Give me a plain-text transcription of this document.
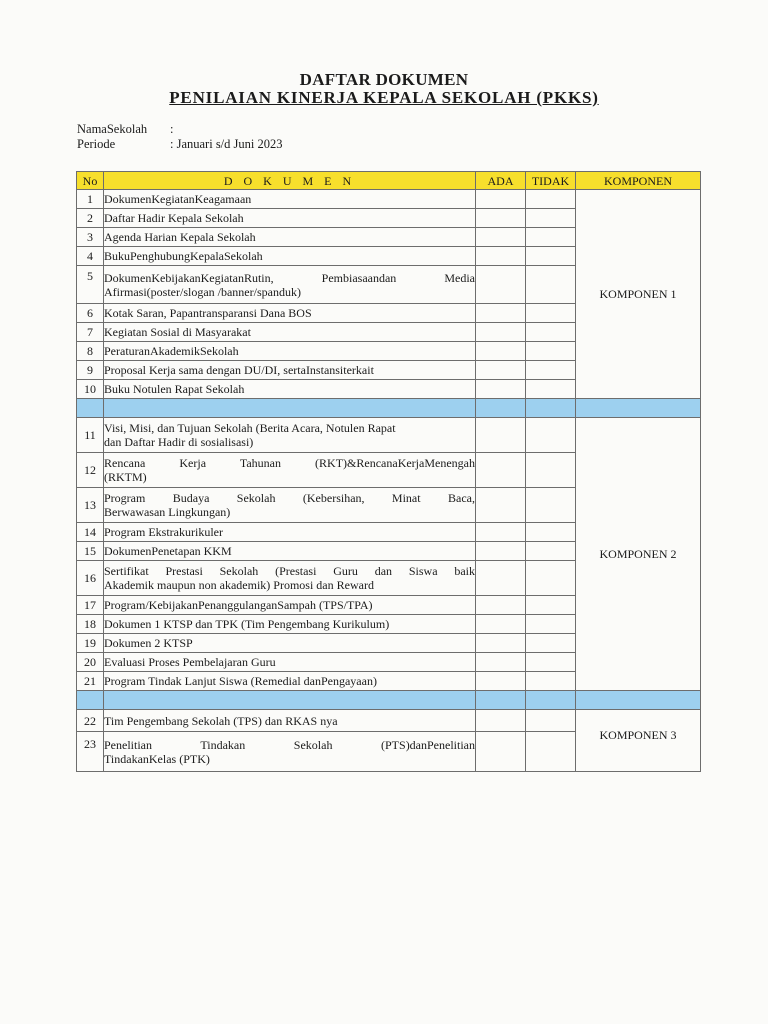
DAFTAR DOKUMEN
PENILAIAN KINERJA KEPALA SEKOLAH (PKKS)
NamaSekolah :
Periode	: Januari s/d Juni 2023
No	D O K U M E N	ADA	TIDAK	KOMPONEN
1	DokumenKegiatanKeagamaan			KOMPONEN 1
2	Daftar Hadir Kepala Sekolah			
3	Agenda Harian Kepala Sekolah			
4	BukuPenghubungKepalaSekolah			
5	DokumenKebijakanKegiatanRutin, Pembiasaandan Media
Afirmasi(poster/slogan /banner/spanduk)			

6	Kotak Saran, Papantransparansi Dana BOS			
7	Kegiatan Sosial di Masyarakat			
8	PeraturanAkademikSekolah			
9	Proposal Kerja sama dengan DU/DI, sertaInstansiterkait			
10	Buku Notulen Rapat Sekolah			

11	Visi, Misi, dan Tujuan Sekolah (Berita Acara, Notulen Rapat
dan Daftar Hadir di sosialisasi)			KOMPONEN 2
12	Rencana Kerja Tahunan (RKT)&RencanaKerjaMenengah
(RKTM)			

13	Program Budaya Sekolah (Kebersihan, Minat Baca,
Berwawasan Lingkungan)			

14	Program Ekstrakurikuler			
15	DokumenPenetapan KKM			
16	Sertifikat Prestasi Sekolah (Prestasi Guru dan Siswa baik
Akademik maupun non akademik) Promosi dan Reward			

17	Program/KebijakanPenanggulanganSampah (TPS/TPA)			
18	Dokumen 1 KTSP dan TPK (Tim Pengembang Kurikulum)			
19	Dokumen 2 KTSP			
20	Evaluasi Proses Pembelajaran Guru			
21	Program Tindak Lanjut Siswa (Remedial danPengayaan)			

22	Tim Pengembang Sekolah (TPS) dan RKAS nya			KOMPONEN 3
23	Penelitian Tindakan Sekolah (PTS)danPenelitian
TindakanKelas (PTK)			
